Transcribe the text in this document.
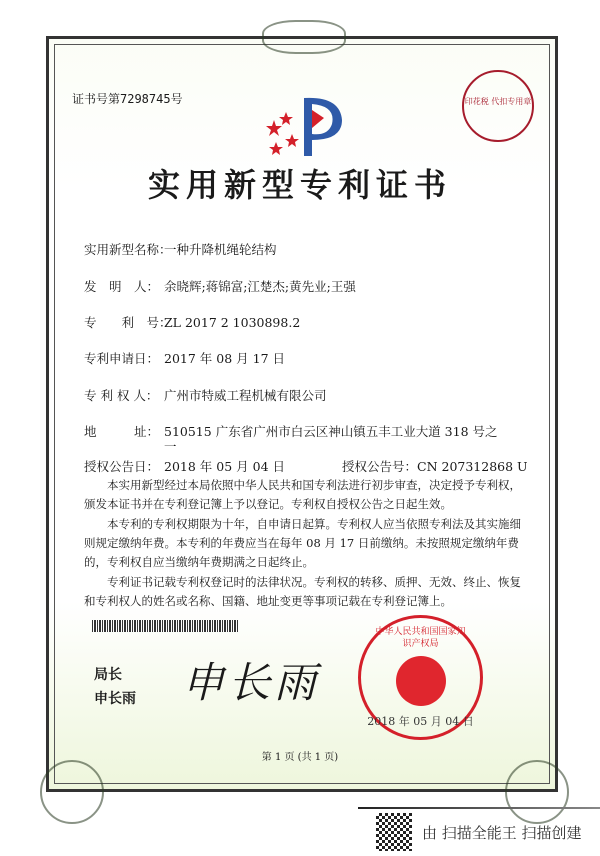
证书号第7298745号
实用新型专利证书
实用新型名称：一种升降机绳轮结构
发　明　人： 余晓辉;蒋锦富;江楚杰;黄先业;王强
专　　利　号：ZL 2017 2 1030898.2
专利申请日： 2017 年 08 月 17 日
专 利 权 人： 广州市特威工程机械有限公司
地　　　址： 510515 广东省广州市白云区神山镇五丰工业大道 318 号之
一
授权公告日： 2018 年 05 月 04 日	授权公告号：CN 207312868 U
本实用新型经过本局依照中华人民共和国专利法进行初步审查，决定授予专利权，颁发本证书并在专利登记簿上予以登记。专利权自授权公告之日起生效。
本专利的专利权期限为十年，自申请日起算。专利权人应当依照专利法及其实施细则规定缴纳年费。本专利的年费应当在每年 08 月 17 日前缴纳。未按照规定缴纳年费的，专利权自应当缴纳年费期满之日起终止。
专利证书记载专利权登记时的法律状况。专利权的转移、质押、无效、终止、恢复和专利权人的姓名或名称、国籍、地址变更等事项记载在专利登记簿上。
局长
申长雨 申长雨
中华人民共和国国家知识产权局
2018 年 05 月 04 日
印花税 代扣专用章
第 1 页 (共 1 页)
由 扫描全能王 扫描创建
